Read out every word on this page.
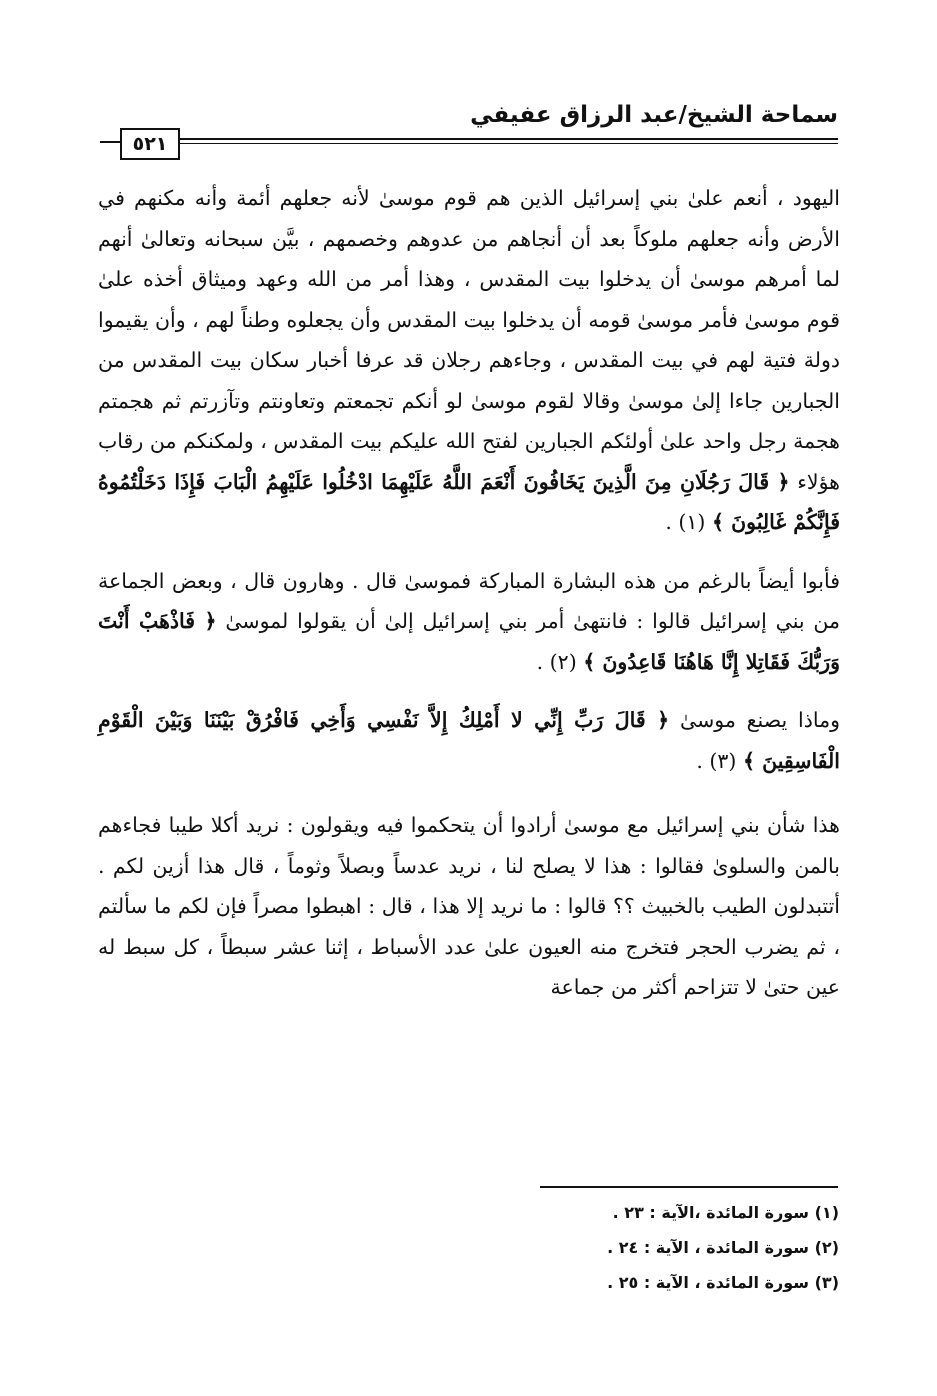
سماحة الشيخ/عبد الرزاق عفيفي
٥٢١

اليهود ، أنعم علىٰ بني إسرائيل الذين هم قوم موسىٰ لأنه جعلهم أئمة وأنه مكنهم في الأرض وأنه جعلهم ملوكاً بعد أن أنجاهم من عدوهم وخصمهم ، بيَّن سبحانه وتعالىٰ أنهم لما أمرهم موسىٰ أن يدخلوا بيت المقدس ، وهذا أمر من الله وعهد وميثاق أخذه علىٰ قوم موسىٰ فأمر موسىٰ قومه أن يدخلوا بيت المقدس وأن يجعلوه وطناً لهم ، وأن يقيموا دولة فتية لهم في بيت المقدس ، وجاءهم رجلان قد عرفا أخبار سكان بيت المقدس من الجبارين جاءا إلىٰ موسىٰ وقالا لقوم موسىٰ لو أنكم تجمعتم وتعاونتم وتآزرتم ثم هجمتم هجمة رجل واحد علىٰ أولئكم الجبارين لفتح الله عليكم بيت المقدس ، ولمكنكم من رقاب هؤلاء ﴿ قَالَ رَجُلَانِ مِنَ الَّذِينَ يَخَافُونَ أَنْعَمَ اللَّهُ عَلَيْهِمَا ادْخُلُوا عَلَيْهِمُ الْبَابَ فَإِذَا دَخَلْتُمُوهُ فَإِنَّكُمْ غَالِبُونَ ﴾ (١) .

فأبوا أيضاً بالرغم من هذه البشارة المباركة فموسىٰ قال . وهارون قال ، وبعض الجماعة من بني إسرائيل قالوا : فانتهىٰ أمر بني إسرائيل إلىٰ أن يقولوا لموسىٰ ﴿ فَاذْهَبْ أَنْتَ وَرَبُّكَ فَقَاتِلا إِنَّا هَاهُنَا قَاعِدُونَ ﴾ (٢) .

وماذا يصنع موسىٰ ﴿ قَالَ رَبِّ إِنِّي لا أَمْلِكُ إِلاَّ نَفْسِي وَأَخِي فَافْرُقْ بَيْنَنَا وَبَيْنَ الْقَوْمِ الْفَاسِقِينَ ﴾ (٣) .

هذا شأن بني إسرائيل مع موسىٰ أرادوا أن يتحكموا فيه ويقولون : نريد أكلا طيبا فجاءهم بالمن والسلوىٰ فقالوا : هذا لا يصلح لنا ، نريد عدساً وبصلاً وثوماً ، قال هذا أزين لكم . أتتبدلون الطيب بالخبيث ؟؟ قالوا : ما نريد إلا هذا ، قال : اهبطوا مصراً فإن لكم ما سألتم ، ثم يضرب الحجر فتخرج منه العيون علىٰ عدد الأسباط ، إثنا عشر سبطاً ، كل سبط له عين حتىٰ لا تتزاحم أكثر من جماعة

(١) سورة المائدة ،الآية : ٢٣ .
(٢) سورة المائدة ، الآية : ٢٤ .
(٣) سورة المائدة ، الآية : ٢٥ .
